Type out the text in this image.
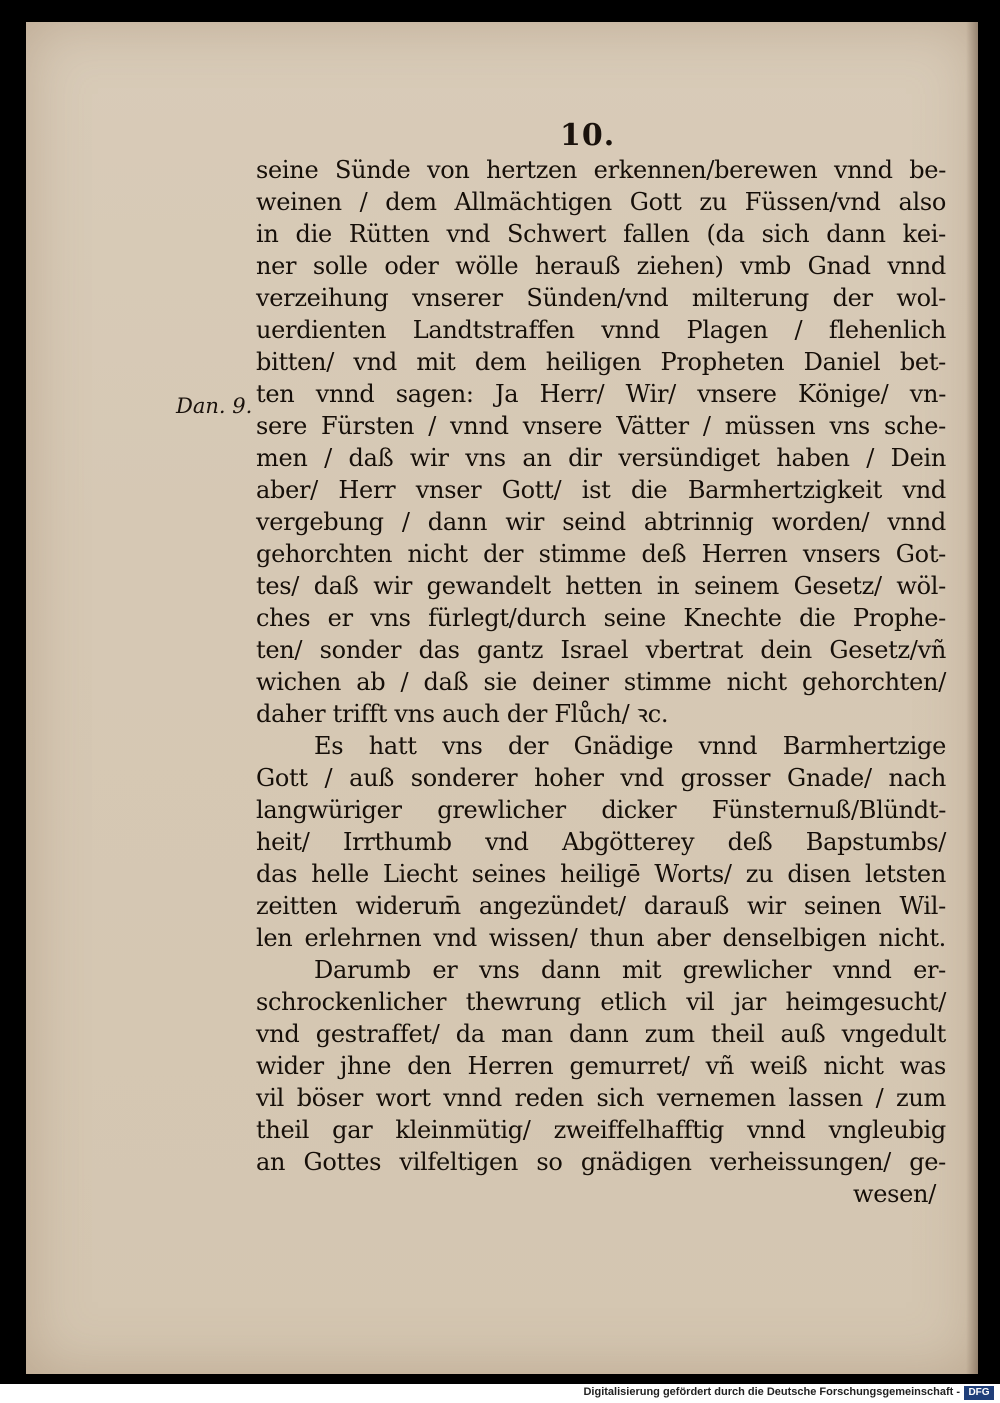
10.
Dan. 9.
seine Sünde von hertzen erkennen/berewen vnnd be-
weinen / dem Allmächtigen Gott zu Füssen/vnd also
in die Rütten vnd Schwert fallen (da sich dann kei-
ner solle oder wölle herauß ziehen) vmb Gnad vnnd
verzeihung vnserer Sünden/vnd milterung der wol-
uerdienten Landtstraffen vnnd Plagen / flehenlich
bitten/ vnd mit dem heiligen Propheten Daniel bet-
ten vnnd sagen: Ja Herr/ Wir/ vnsere Könige/ vn-
sere Fürsten / vnnd vnsere Vätter / müssen vns sche-
men / daß wir vns an dir versündiget haben / Dein
aber/ Herr vnser Gott/ ist die Barmhertzigkeit vnd
vergebung / dann wir seind abtrinnig worden/ vnnd
gehorchten nicht der stimme deß Herren vnsers Got-
tes/ daß wir gewandelt hetten in seinem Gesetz/ wöl-
ches er vns fürlegt/durch seine Knechte die Prophe-
ten/ sonder das gantz Israel vbertrat dein Gesetz/vñ
wichen ab / daß sie deiner stimme nicht gehorchten/
daher trifft vns auch der Flůch/ ꝛc.
Es hatt vns der Gnädige vnnd Barmhertzige
Gott / auß sonderer hoher vnd grosser Gnade/ nach
langwüriger grewlicher dicker Fünsternuß/Blündt-
heit/ Irrthumb vnd Abgötterey deß Bapstumbs/
das helle Liecht seines heiligē Worts/ zu disen letsten
zeitten widerum̄ angezündet/ darauß wir seinen Wil-
len erlehrnen vnd wissen/ thun aber denselbigen nicht.
Darumb er vns dann mit grewlicher vnnd er-
schrockenlicher thewrung etlich vil jar heimgesucht/
vnd gestraffet/ da man dann zum theil auß vngedult
wider jhne den Herren gemurret/ vñ weiß nicht was
vil böser wort vnnd reden sich vernemen lassen / zum
theil gar kleinmütig/ zweiffelhafftig vnnd vngleubig
an Gottes vilfeltigen so gnädigen verheissungen/ ge-
wesen/
Digitalisierung gefördert durch die Deutsche Forschungsgemeinschaft - DFG
